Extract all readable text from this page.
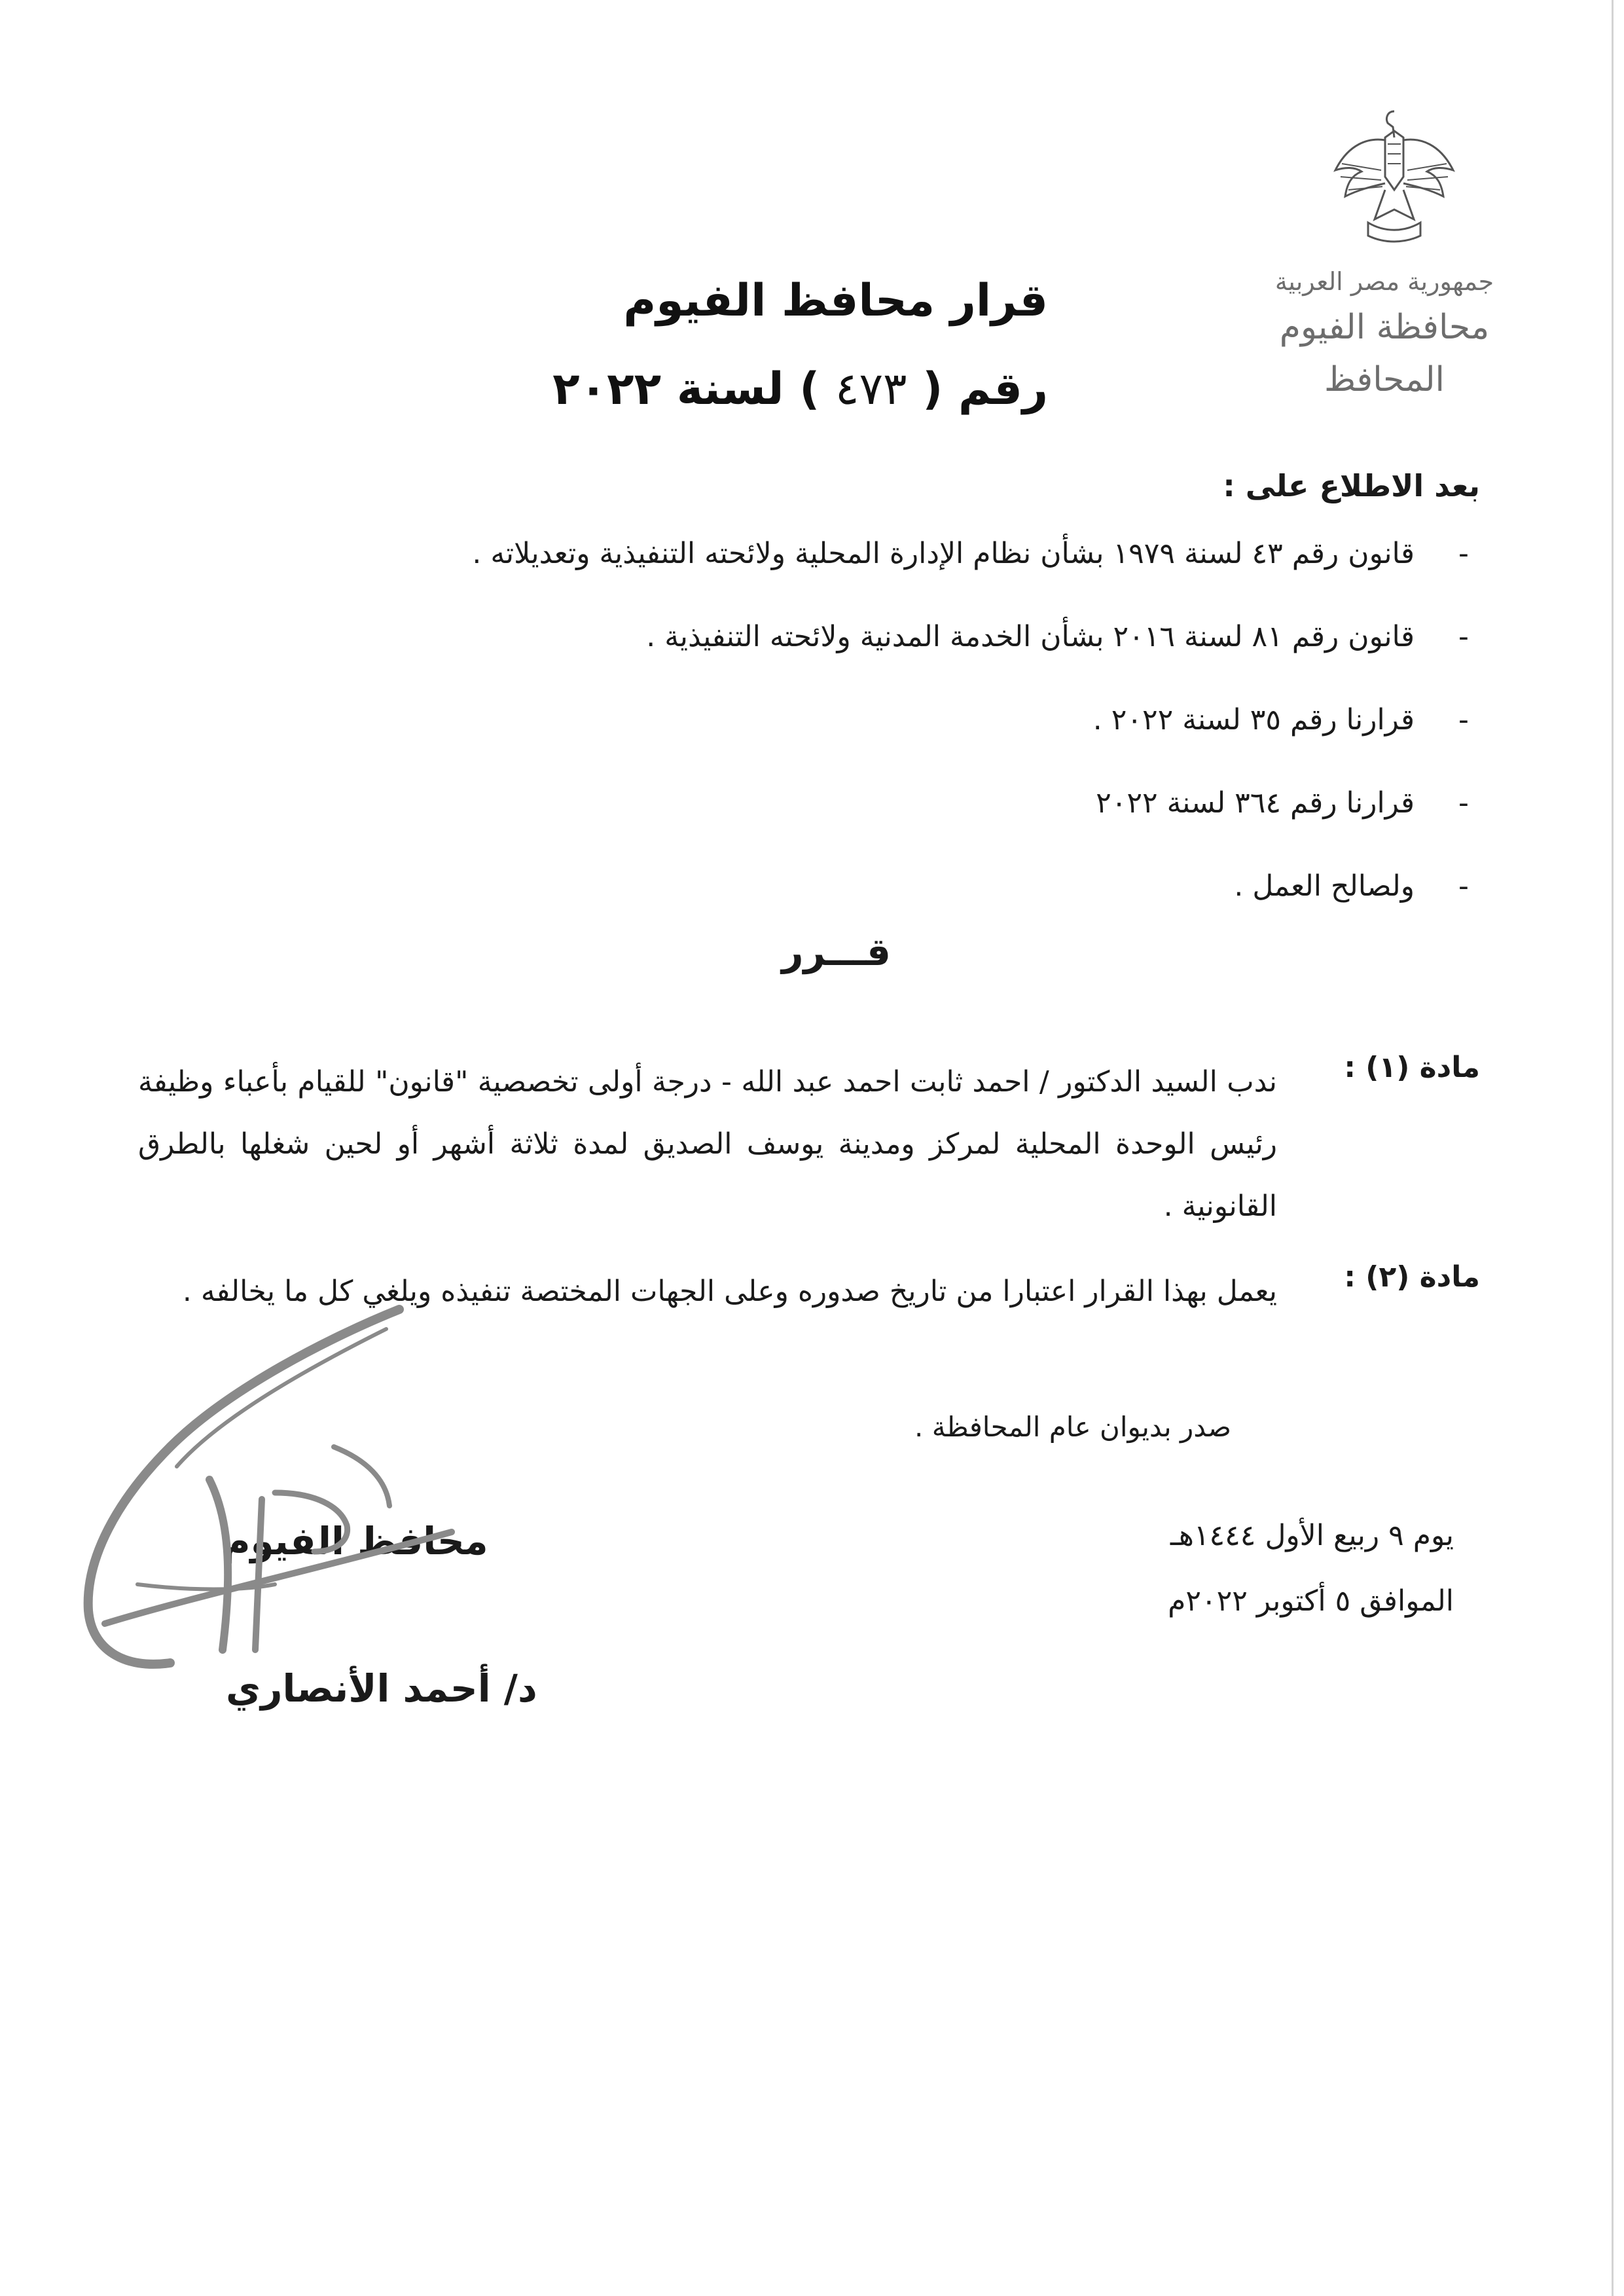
جمهورية مصر العربية
محافظة الفيوم
المحافظ
قرار محافظ الفيوم
رقم ( ٤٧٣ ) لسنة ٢٠٢٢
بعد الاطلاع على :
-
قانون رقم ٤٣ لسنة ١٩٧٩ بشأن نظام الإدارة المحلية ولائحته التنفيذية وتعديلاته .
-
قانون رقم ٨١ لسنة ٢٠١٦ بشأن الخدمة المدنية ولائحته التنفيذية .
-
قرارنا رقم ٣٥ لسنة ٢٠٢٢ .
-
قرارنا رقم ٣٦٤ لسنة ٢٠٢٢
-
ولصالح العمل .
قـــرر
مادة (١) :
ندب السيد الدكتور / احمد ثابت احمد عبد الله - درجة أولى تخصصية "قانون" للقيام بأعباء وظيفة رئيس الوحدة المحلية لمركز ومدينة يوسف الصديق لمدة ثلاثة أشهر أو لحين شغلها بالطرق القانونية .
مادة (٢) :
يعمل بهذا القرار اعتبارا من تاريخ صدوره وعلى الجهات المختصة تنفيذه ويلغي كل ما يخالفه .
صدر بديوان عام المحافظة .
يوم ٩ ربيع الأول ١٤٤٤هـ
الموافق ٥ أكتوبر ٢٠٢٢م
محافظ الفيوم
د/ أحمد الأنصاري
